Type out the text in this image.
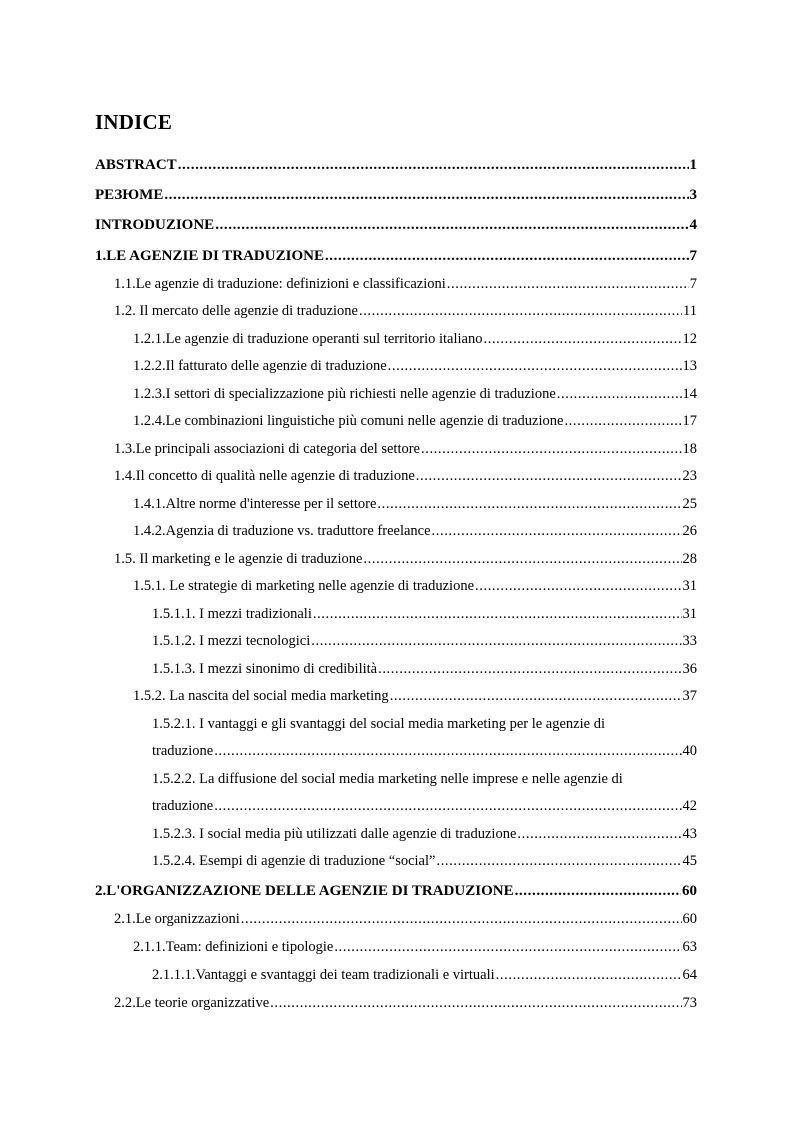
INDICE
ABSTRACT .....	1
РЕЗЮМЕ .....	3
INTRODUZIONE .....	4
1.LE AGENZIE DI TRADUZIONE .....	7
1.1.Le agenzie di traduzione: definizioni e classificazioni .....	7
1.2. Il mercato delle agenzie di traduzione .....	11
1.2.1.Le agenzie di traduzione operanti sul territorio italiano .....	12
1.2.2.Il fatturato delle agenzie di traduzione .....	13
1.2.3.I settori di specializzazione più richiesti nelle agenzie di traduzione .....	14
1.2.4.Le combinazioni linguistiche più comuni nelle agenzie di traduzione .....	17
1.3.Le principali associazioni di categoria del settore .....	18
1.4.Il concetto di qualità nelle agenzie di traduzione .....	23
1.4.1.Altre norme d'interesse per il settore .....	25
1.4.2.Agenzia di traduzione vs. traduttore freelance .....	26
1.5. Il marketing e le agenzie di traduzione .....	28
1.5.1. Le strategie di marketing nelle agenzie di traduzione .....	31
1.5.1.1. I mezzi tradizionali .....	31
1.5.1.2. I mezzi tecnologici .....	33
1.5.1.3. I mezzi sinonimo di credibilità .....	36
1.5.2. La nascita del social media marketing .....	37
1.5.2.1. I vantaggi e gli svantaggi del social media marketing per le agenzie di
traduzione .....	40
1.5.2.2. La diffusione del social media marketing nelle imprese e nelle agenzie di
traduzione .....	42
1.5.2.3. I social media più utilizzati dalle agenzie di traduzione .....	43
1.5.2.4. Esempi di agenzie di traduzione “social” .....	45
2.L'ORGANIZZAZIONE DELLE AGENZIE DI TRADUZIONE .....	60
2.1.Le organizzazioni .....	60
2.1.1.Team: definizioni e tipologie .....	63
2.1.1.1.Vantaggi e svantaggi dei team tradizionali e virtuali .....	64
2.2.Le teorie organizzative .....	73
